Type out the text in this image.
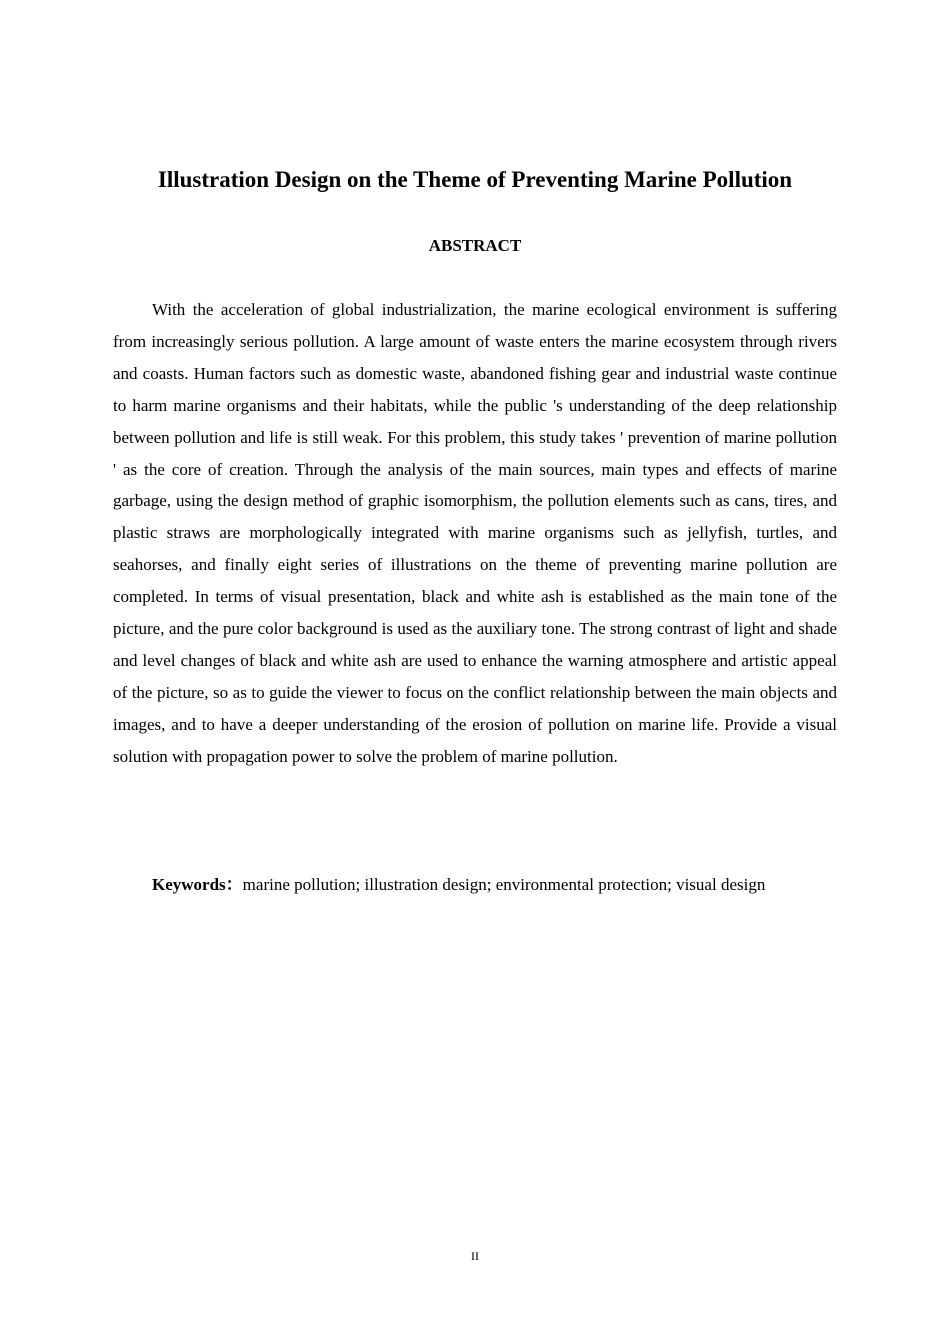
Illustration Design on the Theme of Preventing Marine Pollution
ABSTRACT

With the acceleration of global industrialization, the marine ecological environment is suffering from increasingly serious pollution. A large amount of waste enters the marine ecosystem through rivers and coasts. Human factors such as domestic waste, abandoned fishing gear and industrial waste continue to harm marine organisms and their habitats, while the public 's understanding of the deep relationship between pollution and life is still weak. For this problem, this study takes ' prevention of marine pollution ' as the core of creation. Through the analysis of the main sources, main types and effects of marine garbage, using the design method of graphic isomorphism, the pollution elements such as cans, tires, and plastic straws are morphologically integrated with marine organisms such as jellyfish, turtles, and seahorses, and finally eight series of illustrations on the theme of preventing marine pollution are completed. In terms of visual presentation, black and white ash is established as the main tone of the picture, and the pure color background is used as the auxiliary tone. The strong contrast of light and shade and level changes of black and white ash are used to enhance the warning atmosphere and artistic appeal of the picture, so as to guide the viewer to focus on the conflict relationship between the main objects and images, and to have a deeper understanding of the erosion of pollution on marine life. Provide a visual solution with propagation power to solve the problem of marine pollution.

Keywords：marine pollution; illustration design; environmental protection; visual design

II
